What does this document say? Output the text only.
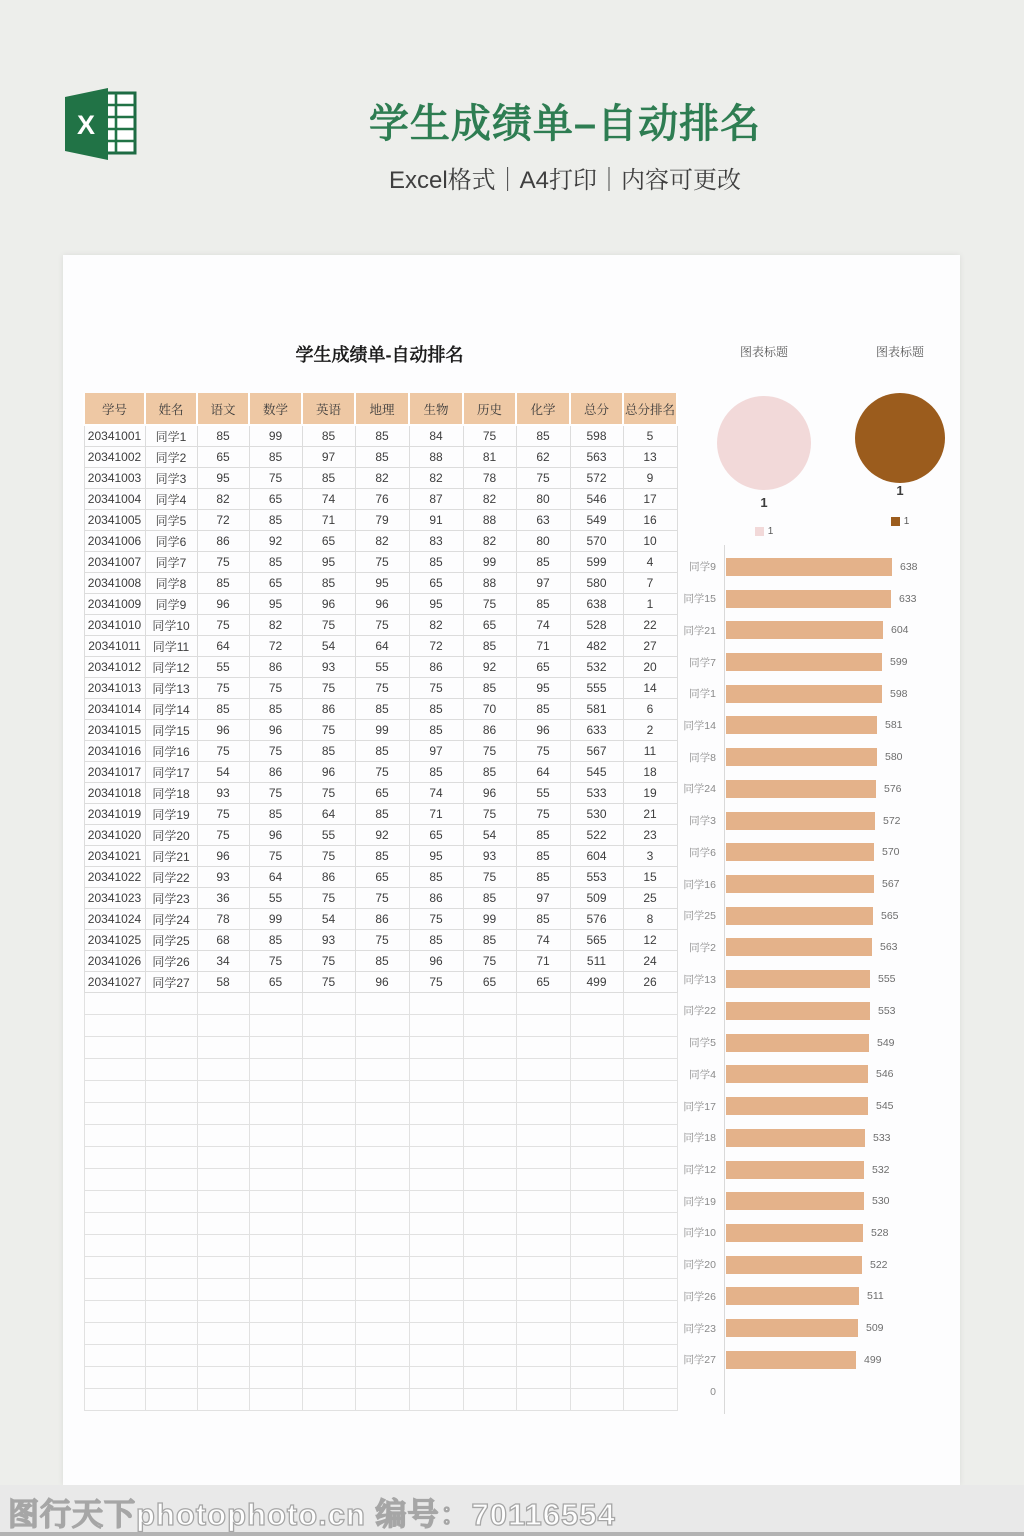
X	学生成绩单–自动排名
Excel格式｜A4打印｜内容可更改
学生成绩单-自动排名
学号	姓名	语文	数学	英语	地理	生物	历史	化学	总分	总分排名
20341001	同学1	85	99	85	85	84	75	85	598	5
20341002	同学2	65	85	97	85	88	81	62	563	13
20341003	同学3	95	75	85	82	82	78	75	572	9
20341004	同学4	82	65	74	76	87	82	80	546	17
20341005	同学5	72	85	71	79	91	88	63	549	16
20341006	同学6	86	92	65	82	83	82	80	570	10
20341007	同学7	75	85	95	75	85	99	85	599	4
20341008	同学8	85	65	85	95	65	88	97	580	7
20341009	同学9	96	95	96	96	95	75	85	638	1
20341010	同学10	75	82	75	75	82	65	74	528	22
20341011	同学11	64	72	54	64	72	85	71	482	27
20341012	同学12	55	86	93	55	86	92	65	532	20
20341013	同学13	75	75	75	75	75	85	95	555	14
20341014	同学14	85	85	86	85	85	70	85	581	6
20341015	同学15	96	96	75	99	85	86	96	633	2
20341016	同学16	75	75	85	85	97	75	75	567	11
20341017	同学17	54	86	96	75	85	85	64	545	18
20341018	同学18	93	75	75	65	74	96	55	533	19
20341019	同学19	75	85	64	85	71	75	75	530	21
20341020	同学20	75	96	55	92	65	54	85	522	23
20341021	同学21	96	75	75	85	95	93	85	604	3
20341022	同学22	93	64	86	65	85	75	85	553	15
20341023	同学23	36	55	75	75	86	85	97	509	25
20341024	同学24	78	99	54	86	75	99	85	576	8
20341025	同学25	68	85	93	75	85	85	74	565	12
20341026	同学26	34	75	75	85	96	75	71	511	24
20341027	同学27	58	65	75	96	75	65	65	499	26

图表标题
1
1
图表标题
1
1
同学9	638
同学15	633
同学21	604
同学7	599
同学1	598
同学14	581
同学8	580
同学24	576
同学3	572
同学6	570
同学16	567
同学25	565
同学2	563
同学13	555
同学22	553
同学5	549
同学4	546
同学17	545
同学18	533
同学12	532
同学19	530
同学10	528
同学20	522
同学26	511
同学23	509
同学27	499
0
图行天下photophoto.cn 编号：70116554
